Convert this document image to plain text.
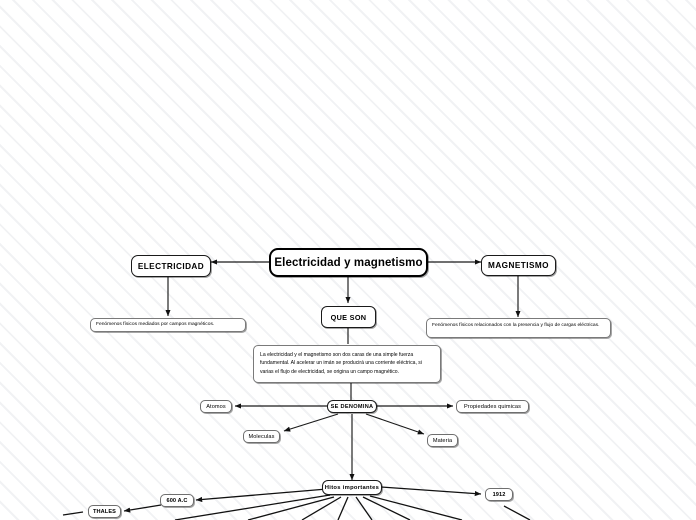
Electricidad y magnetismo
ELECTRICIDAD	MAGNETISMO
QUE SON
Fenómenos físicos mediados por campos magnéticos.	Fenómenos físicos relacionados con la presencia y flujo de cargas eléctricas.
La electricidad y el magnetismo son dos caras de una simple fuerza fundamental. Al acelerar un imán se producirá una corriente eléctrica, si varias el flujo de electricidad, se origina un campo magnético.
SE DENOMINA
Atomos	Propiedades quimicas
Moleculas
Materia
Hitos importantes
600 A.C
1912
THALES
